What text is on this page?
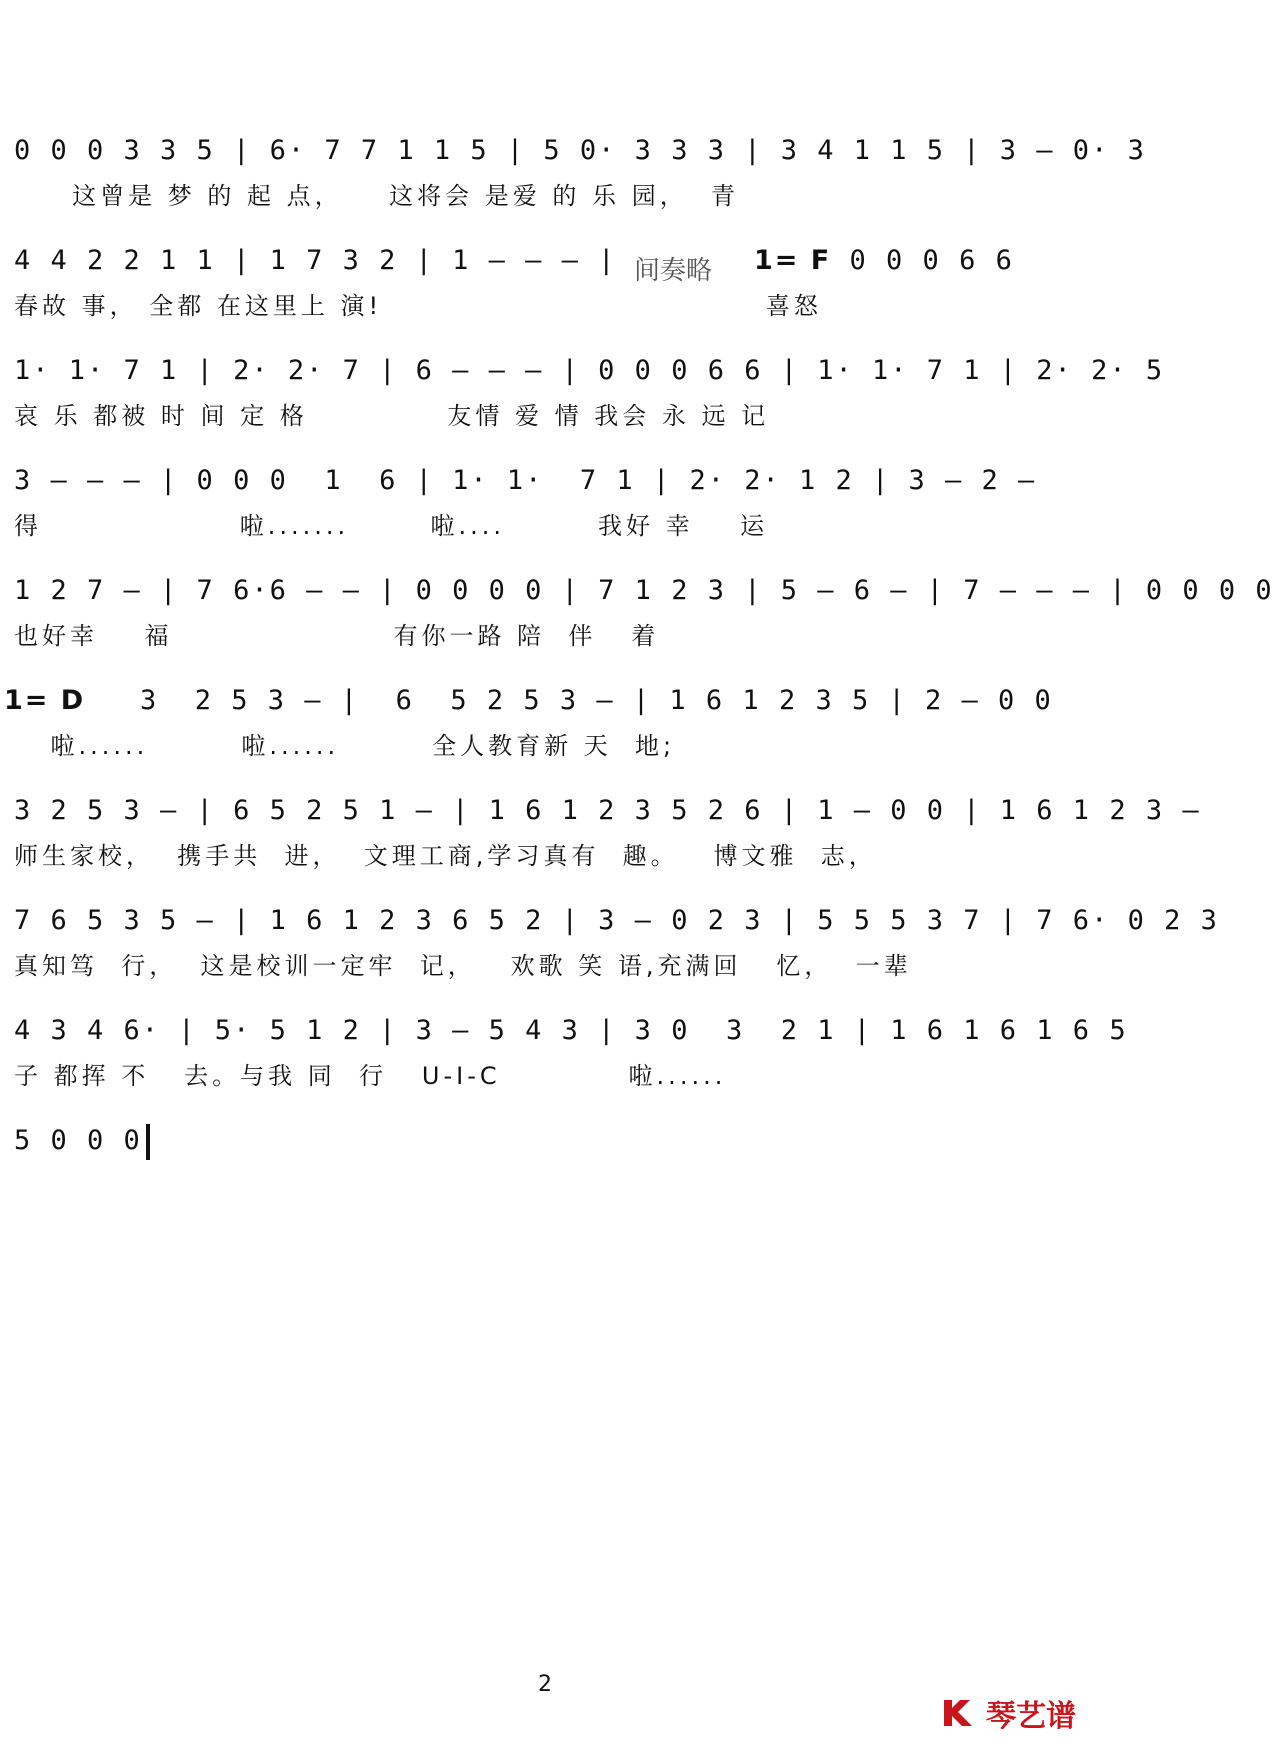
0 0 0 3 3 5 | 6· 7 7 1 1 5 | 5 0· 3 3 3 | 3 4 1 1 5 | 3 – 0· 3
这曾是 梦 的 起 点，    这将会 是爱 的 乐 园，  青
4 4 2 2 1 1 | 1 7 3 2 | 1 – – – | 间奏略 1= F 0 0 0 6 6
春故 事， 全都 在这里上 演!                                 喜怒
1· 1· 7 1 | 2· 2· 7 | 6 – – – | 0 0 0 6 6 | 1· 1· 7 1 | 2· 2· 5
哀 乐 都被 时 间 定 格            友情 爱 情 我会 永 远 记
3 – – – | 0 0 0  1  6 | 1· 1·  7 1 | 2· 2· 1 2 | 3 – 2 –
得                 啦.......       啦....        我好 幸    运
1 2 7 – | 7 6·6 – – | 0 0 0 0 | 7 1 2 3 | 5 – 6 – | 7 – – – | 0 0 0 0
也好幸    福                   有你一路 陪  伴   着
1= D   3  2 5 3 – |  6  5 2 5 3 – | 1 6 1 2 3 5 | 2 – 0 0
啦......        啦......        全人教育新 天  地;
3 2 5 3 – | 6 5 2 5 1 – | 1 6 1 2 3 5 2 6 | 1 – 0 0 | 1 6 1 2 3 –
师生家校，  携手共  进，  文理工商,学习真有  趣。   博文雅  志，
7 6 5 3 5 – | 1 6 1 2 3 6 5 2 | 3 – 0 2 3 | 5 5 5 3 7 | 7 6· 0 2 3
真知笃  行，  这是校训一定牢  记，   欢歌 笑 语,充满回   忆，  一辈
4 3 4 6· | 5· 5 1 2 | 3 – 5 4 3 | 3 0  3  2 1 | 1 6 1 6 1 6 5
子 都挥 不   去。与我 同  行   U-I-C           啦......
5 0 0 0
2
琴艺谱
